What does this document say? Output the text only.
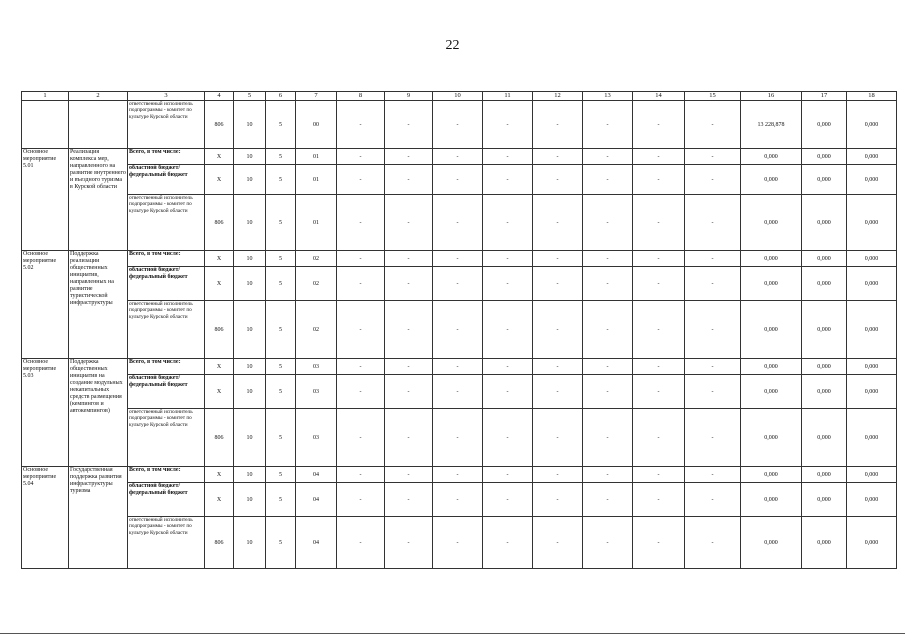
22
1	2	3	4	5	6	7	8	9	10	11	12	13	14	15	16	17	18
		ответственный исполнитель подпрограммы - комитет по культуре Курской области	806	10	5	00	-	-	-	-	-	-	-	-	13 228,878	0,000	0,000
Основное мероприятие 5.01	Реализация комплекса мер, направленного на развитие внутреннего и въездного туризма в Курской области	Всего, в том числе:	Х	10	5	01	-	-	-	-	-	-	-	-	0,000	0,000	0,000
		областной бюджет/ федеральный бюджет	Х	10	5	01	-	-	-	-	-	-	-	-	0,000	0,000	0,000
		ответственный исполнитель подпрограммы - комитет по культуре Курской области	806	10	5	01	-	-	-	-	-	-	-	-	0,000	0,000	0,000
Основное мероприятие 5.02	Поддержка реализации общественных инициатив, направленных на развитие туристической инфраструктуры	Всего, в том числе:	Х	10	5	02	-	-	-	-	-	-	-	-	0,000	0,000	0,000
		областной бюджет/ федеральный бюджет	Х	10	5	02	-	-	-	-	-	-	-	-	0,000	0,000	0,000
		ответственный исполнитель подпрограммы - комитет по культуре Курской области	806	10	5	02	-	-	-	-	-	-	-	-	0,000	0,000	0,000
Основное мероприятие 5.03	Поддержка общественных инициатив на создание модульных некапитальных средств размещения (кемпингов и автокемпингов)	Всего, в том числе:	Х	10	5	03	-	-	-	-	-	-	-	-	0,000	0,000	0,000
		областной бюджет/ федеральный бюджет	Х	10	5	03	-	-	-	-	-	-	-	-	0,000	0,000	0,000
		ответственный исполнитель подпрограммы - комитет по культуре Курской области	806	10	5	03	-	-	-	-	-	-	-	-	0,000	0,000	0,000
Основное мероприятие 5.04	Государственная поддержка развития инфраструктуры туризма	Всего, в том числе:	Х	10	5	04	-	-	-	-	-	-	-	-	0,000	0,000	0,000
		областной бюджет/ федеральный бюджет	Х	10	5	04	-	-	-	-	-	-	-	-	0,000	0,000	0,000
		ответственный исполнитель подпрограммы - комитет по культуре Курской области	806	10	5	04	-	-	-	-	-	-	-	-	0,000	0,000	0,000
